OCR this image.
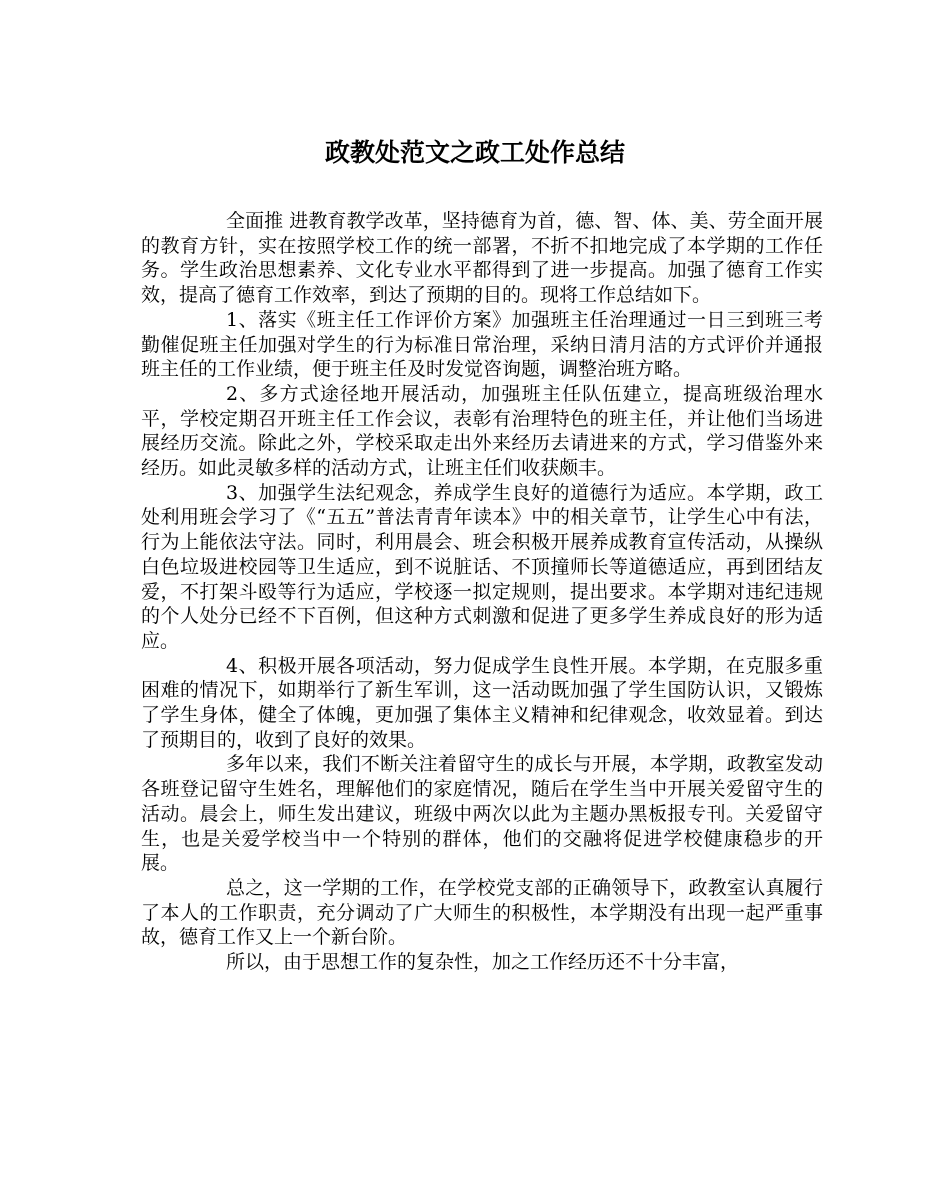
政教处范文之政工处作总结

全面推 进教育教学改革，坚持德育为首，德、智、体、美、劳全面开展的教育方针，实在按照学校工作的统一部署，不折不扣地完成了本学期的工作任务。学生政治思想素养、文化专业水平都得到了进一步提高。加强了德育工作实效，提高了德育工作效率，到达了预期的目的。现将工作总结如下。

1、落实《班主任工作评价方案》加强班主任治理通过一日三到班三考勤催促班主任加强对学生的行为标准日常治理，采纳日清月洁的方式评价并通报班主任的工作业绩，便于班主任及时发觉咨询题，调整治班方略。

2、多方式途径地开展活动，加强班主任队伍建立，提高班级治理水平，学校定期召开班主任工作会议，表彰有治理特色的班主任，并让他们当场进展经历交流。除此之外，学校采取走出外来经历去请进来的方式，学习借鉴外来经历。如此灵敏多样的活动方式，让班主任们收获颇丰。

3、加强学生法纪观念，养成学生良好的道德行为适应。本学期，政工处利用班会学习了《“五五”普法青青年读本》中的相关章节，让学生心中有法，行为上能依法守法。同时，利用晨会、班会积极开展养成教育宣传活动，从操纵白色垃圾进校园等卫生适应，到不说脏话、不顶撞师长等道德适应，再到团结友爱，不打架斗殴等行为适应，学校逐一拟定规则，提出要求。本学期对违纪违规的个人处分已经不下百例，但这种方式刺激和促进了更多学生养成良好的形为适应。

4、积极开展各项活动，努力促成学生良性开展。本学期，在克服多重困难的情况下，如期举行了新生军训，这一活动既加强了学生国防认识，又锻炼了学生身体，健全了体魄，更加强了集体主义精神和纪律观念，收效显着。到达了预期目的，收到了良好的效果。

多年以来，我们不断关注着留守生的成长与开展，本学期，政教室发动各班登记留守生姓名，理解他们的家庭情况，随后在学生当中开展关爱留守生的活动。晨会上，师生发出建议，班级中两次以此为主题办黑板报专刊。关爱留守生，也是关爱学校当中一个特别的群体，他们的交融将促进学校健康稳步的开展。

总之，这一学期的工作，在学校党支部的正确领导下，政教室认真履行了本人的工作职责，充分调动了广大师生的积极性，本学期没有出现一起严重事故，德育工作又上一个新台阶。

所以，由于思想工作的复杂性，加之工作经历还不十分丰富，
